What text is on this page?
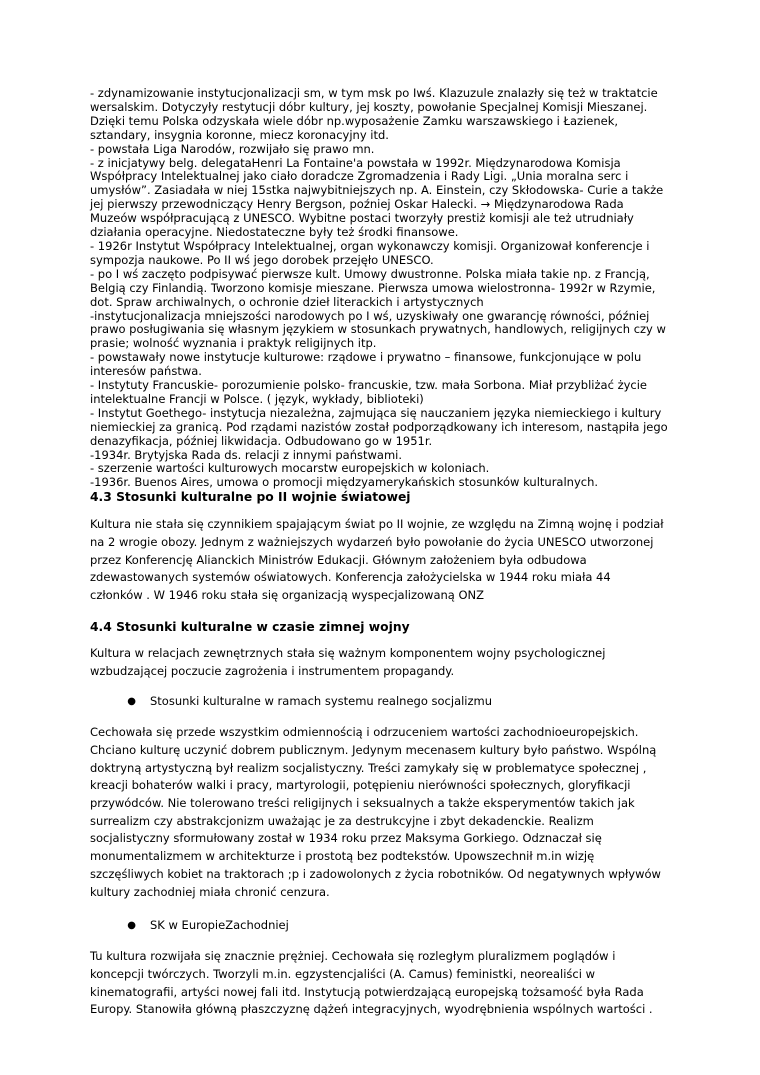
- zdynamizowanie instytucjonalizacji sm, w tym msk po Iwś. Klazuzule znalazły się też w traktatcie

wersalskim. Dotyczyły restytucji dóbr kultury, jej koszty, powołanie Specjalnej Komisji Mieszanej.

Dzięki temu Polska odzyskała wiele dóbr np.wyposażenie Zamku warszawskiego i Łazienek,

sztandary, insygnia koronne, miecz koronacyjny itd.

- powstała Liga Narodów, rozwijało się prawo mn.

- z inicjatywy belg. delegataHenri La Fontaine'a powstała w 1992r. Międzynarodowa Komisja

Współpracy Intelektualnej jako ciało doradcze Zgromadzenia i Rady Ligi. „Unia moralna serc i

umysłów”. Zasiadała w niej 15stka najwybitniejszych np. A. Einstein, czy Skłodowska- Curie a także

jej pierwszy przewodniczący Henry Bergson, poźniej Oskar Halecki. → Międzynarodowa Rada

Muzeów współpracującą z UNESCO. Wybitne postaci tworzyły prestiż komisji ale też utrudniały

działania operacyjne. Niedostateczne były też środki finansowe.

- 1926r Instytut Współpracy Intelektualnej, organ wykonawczy komisji. Organizował konferencje i

sympozja naukowe. Po II wś jego dorobek przejęło UNESCO.

- po I wś zaczęto podpisywać pierwsze kult. Umowy dwustronne. Polska miała takie np. z Francją,

Belgią czy Finlandią. Tworzono komisje mieszane. Pierwsza umowa wielostronna- 1992r w Rzymie,

dot. Spraw archiwalnych, o ochronie dzieł literackich i artystycznych

-instytucjonalizacja mniejszości narodowych po I wś, uzyskiwały one gwarancję równości, później

prawo posługiwania się własnym językiem w stosunkach prywatnych, handlowych, religijnych czy w

prasie; wolność wyznania i praktyk religijnych itp.

- powstawały nowe instytucje kulturowe: rządowe i prywatno – finansowe, funkcjonujące w polu

interesów państwa.

- Instytuty Francuskie- porozumienie polsko- francuskie, tzw. mała Sorbona. Miał przybliżać życie

intelektualne Francji w Polsce. ( język, wykłady, biblioteki)

- Instytut Goethego- instytucja niezależna, zajmująca się nauczaniem języka niemieckiego i kultury

niemieckiej za granicą. Pod rządami nazistów został podporządkowany ich interesom, nastąpiła jego

denazyfikacja, później likwidacja. Odbudowano go w 1951r.

-1934r. Brytyjska Rada ds. relacji z innymi państwami.

- szerzenie wartości kulturowych mocarstw europejskich w koloniach.

-1936r. Buenos Aires, umowa o promocji międzyamerykańskich stosunków kulturalnych.

4.3 Stosunki kulturalne po II wojnie światowej

Kultura nie stała się czynnikiem spajającym świat po II wojnie, ze względu na Zimną wojnę i podział

na 2 wrogie obozy. Jednym z ważniejszych wydarzeń było powołanie do życia UNESCO utworzonej

przez Konferencję Alianckich Ministrów Edukacji. Głównym założeniem była odbudowa

zdewastowanych systemów oświatowych. Konferencja założycielska w 1944 roku miała 44

członków . W 1946 roku stała się organizacją wyspecjalizowaną ONZ

4.4 Stosunki kulturalne w czasie zimnej wojny

Kultura w relacjach zewnętrznych stała się ważnym komponentem wojny psychologicznej

wzbudzającej poczucie zagrożenia i instrumentem propagandy.

●	Stosunki kulturalne w ramach systemu realnego socjalizmu

Cechowała się przede wszystkim odmiennością i odrzuceniem wartości zachodnioeuropejskich.

Chciano kulturę uczynić dobrem publicznym. Jedynym mecenasem kultury było państwo. Wspólną

doktryną artystyczną był realizm socjalistyczny. Treści zamykały się w problematyce społecznej ,

kreacji bohaterów walki i pracy, martyrologii, potępieniu nierówności społecznych, gloryfikacji

przywódców. Nie tolerowano treści religijnych i seksualnych a także eksperymentów takich jak

surrealizm czy abstrakcjonizm uważając je za destrukcyjne i zbyt dekadenckie. Realizm

socjalistyczny sformułowany został w 1934 roku przez Maksyma Gorkiego. Odznaczał się

monumentalizmem w architekturze i prostotą bez podtekstów. Upowszechnił m.in wizję

szczęśliwych kobiet na traktorach ;p i zadowolonych z życia robotników. Od negatywnych wpływów

kultury zachodniej miała chronić cenzura.

●	SK w EuropieZachodniej

Tu kultura rozwijała się znacznie prężniej. Cechowała się rozległym pluralizmem poglądów i

koncepcji twórczych. Tworzyli m.in. egzystencjaliści (A. Camus) feministki, neorealiści w

kinematografii, artyści nowej fali itd. Instytucją potwierdzającą europejską tożsamość była Rada

Europy. Stanowiła główną płaszczyznę dążeń integracyjnych, wyodrębnienia wspólnych wartości .
